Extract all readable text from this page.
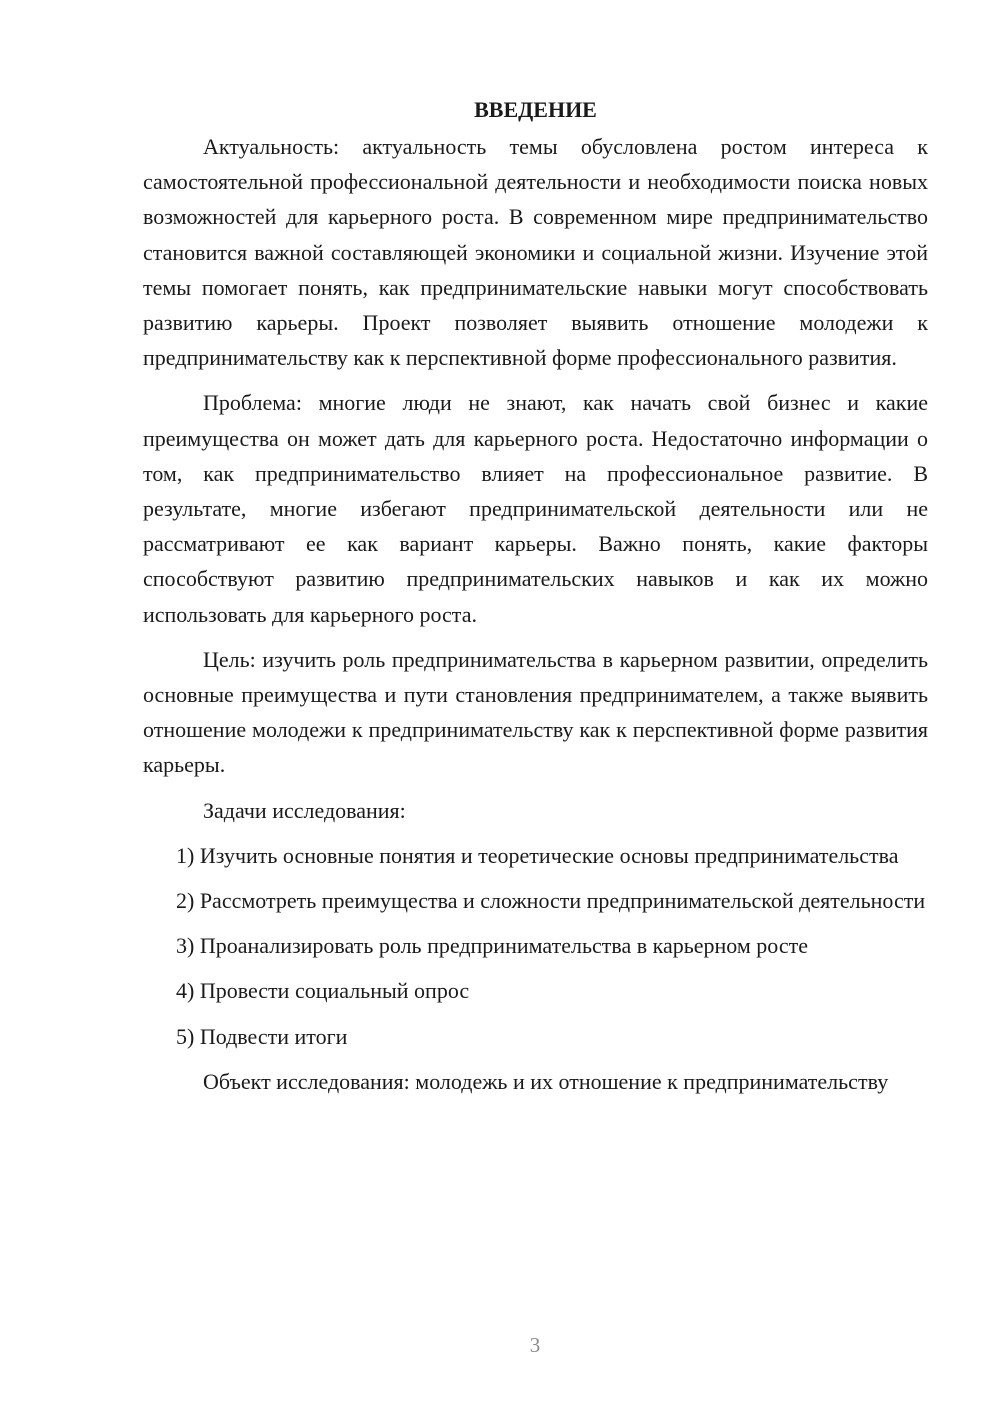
ВВЕДЕНИЕ

Актуальность: актуальность темы обусловлена ростом интереса к самостоятельной профессиональной деятельности и необходимости поиска новых возможностей для карьерного роста. В современном мире предпринимательство становится важной составляющей экономики и социальной жизни. Изучение этой темы помогает понять, как предпринимательские навыки могут способствовать развитию карьеры. Проект позволяет выявить отношение молодежи к предпринимательству как к перспективной форме профессионального развития.

Проблема: многие люди не знают, как начать свой бизнес и какие преимущества он может дать для карьерного роста. Недостаточно информации о том, как предпринимательство влияет на профессиональное развитие. В результате, многие избегают предпринимательской деятельности или не рассматривают ее как вариант карьеры. Важно понять, какие факторы способствуют развитию предпринимательских навыков и как их можно использовать для карьерного роста.

Цель: изучить роль предпринимательства в карьерном развитии, определить основные преимущества и пути становления предпринимателем, а также выявить отношение молодежи к предпринимательству как к перспективной форме развития карьеры.

Задачи исследования:

1) Изучить основные понятия и теоретические основы предпринимательства

2) Рассмотреть преимущества и сложности предпринимательской деятельности

3) Проанализировать роль предпринимательства в карьерном росте

4) Провести социальный опрос

5) Подвести итоги

Объект исследования: молодежь и их отношение к предпринимательству

3
